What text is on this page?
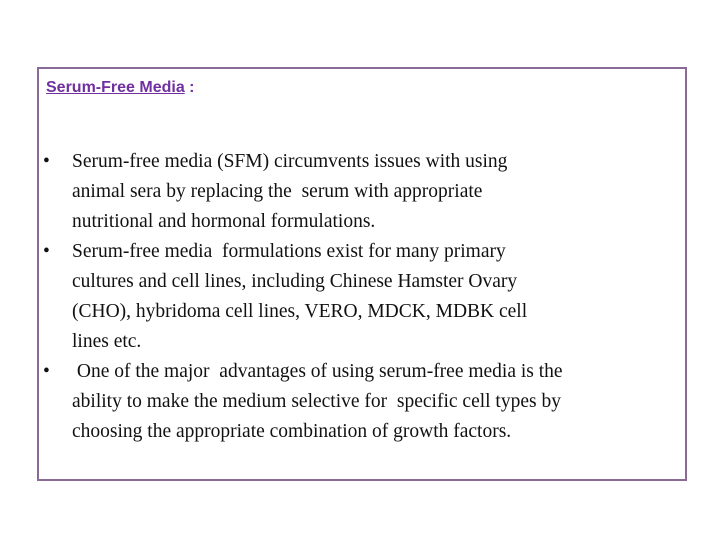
Serum-Free Media :
• Serum-free media (SFM) circumvents issues with using
animal sera by replacing the  serum with appropriate
nutritional and hormonal formulations.
• Serum-free media  formulations exist for many primary
cultures and cell lines, including Chinese Hamster Ovary
(CHO), hybridoma cell lines, VERO, MDCK, MDBK cell
lines etc.
• One of the major  advantages of using serum-free media is the
ability to make the medium selective for  specific cell types by
choosing the appropriate combination of growth factors.
